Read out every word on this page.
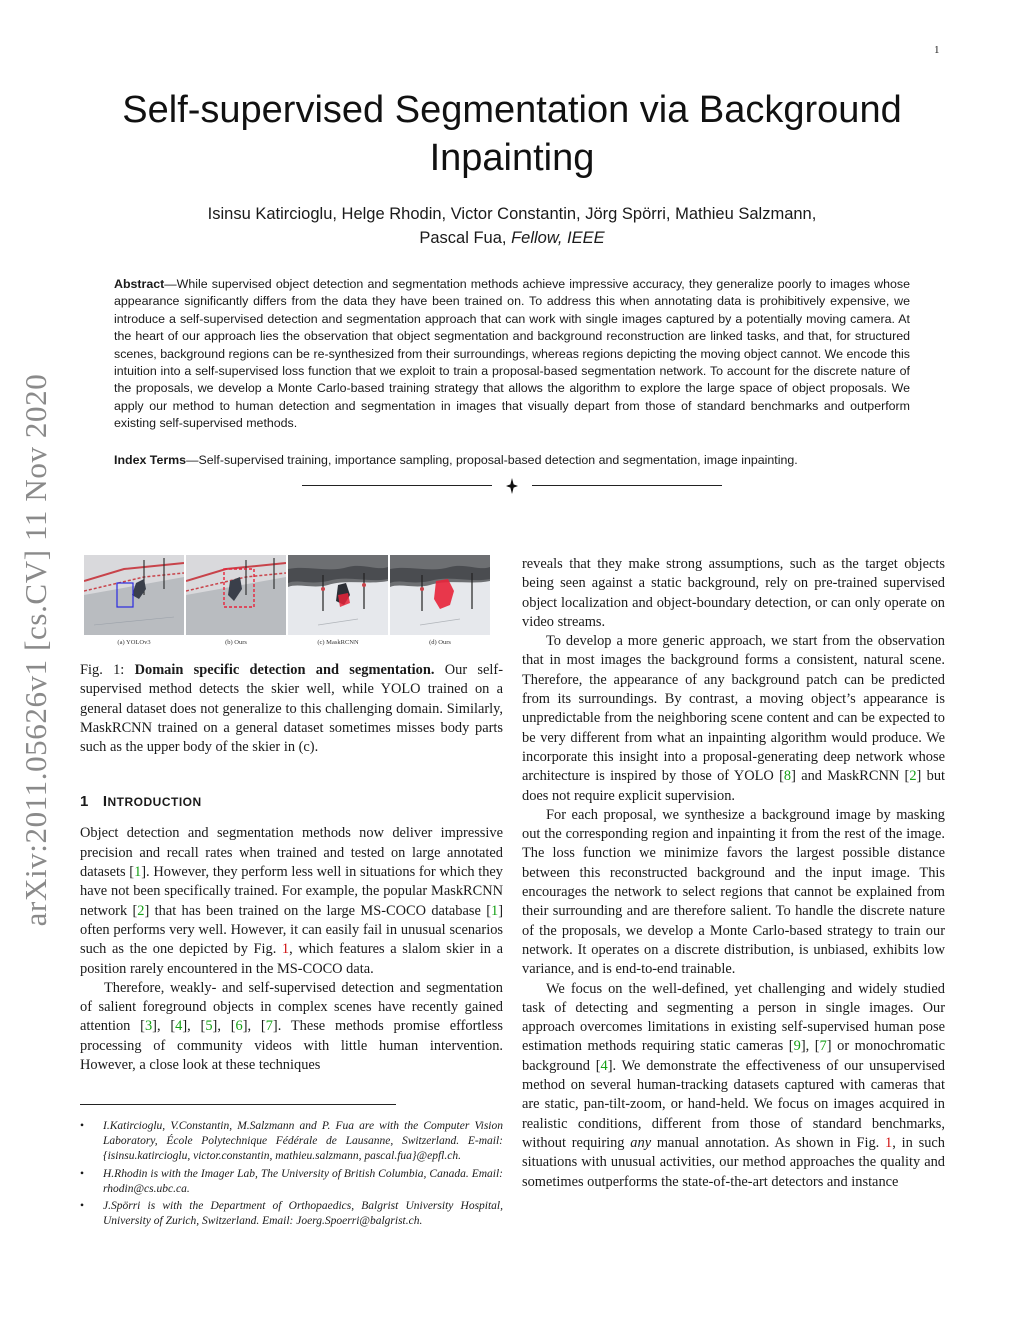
1
arXiv:2011.05626v1 [cs.CV] 11 Nov 2020
Self-supervised Segmentation via Background
Inpainting
Isinsu Katircioglu, Helge Rhodin, Victor Constantin, Jörg Spörri, Mathieu Salzmann,
Pascal Fua, Fellow, IEEE
Abstract—While supervised object detection and segmentation methods achieve impressive accuracy, they generalize poorly to images whose appearance significantly differs from the data they have been trained on. To address this when annotating data is prohibitively expensive, we introduce a self-supervised detection and segmentation approach that can work with single images captured by a potentially moving camera. At the heart of our approach lies the observation that object segmentation and background reconstruction are linked tasks, and that, for structured scenes, background regions can be re-synthesized from their surroundings, whereas regions depicting the moving object cannot. We encode this intuition into a self-supervised loss function that we exploit to train a proposal-based segmentation network. To account for the discrete nature of the proposals, we develop a Monte Carlo-based training strategy that allows the algorithm to explore the large space of object proposals. We apply our method to human detection and segmentation in images that visually depart from those of standard benchmarks and outperform existing self-supervised methods.
Index Terms—Self-supervised training, importance sampling, proposal-based detection and segmentation, image inpainting.
(a) YOLOv3	(b) Ours	(c) MaskRCNN	(d) Ours

Fig. 1: Domain specific detection and segmentation. Our self-supervised method detects the skier well, while YOLO trained on a general dataset does not generalize to this challenging domain. Similarly, MaskRCNN trained on a general dataset sometimes misses body parts such as the upper body of the skier in (c).

1 INTRODUCTION

Object detection and segmentation methods now deliver impressive precision and recall rates when trained and tested on large annotated datasets [1]. However, they perform less well in situations for which they have not been specifically trained. For example, the popular MaskRCNN network [2] that has been trained on the large MS-COCO database [1] often performs very well. However, it can easily fail in unusual scenarios such as the one depicted by Fig. 1, which features a slalom skier in a position rarely encountered in the MS-COCO data.

Therefore, weakly- and self-supervised detection and segmentation of salient foreground objects in complex scenes have recently gained attention [3], [4], [5], [6], [7]. These methods promise effortless processing of community videos with little human intervention. However, a close look at these techniques

• I.Katircioglu, V.Constantin, M.Salzmann and P. Fua are with the Computer Vision Laboratory, École Polytechnique Fédérale de Lausanne, Switzerland. E-mail: {isinsu.katircioglu, victor.constantin, mathieu.salzmann, pascal.fua}@epfl.ch.
• H.Rhodin is with the Imager Lab, The University of British Columbia, Canada. Email: rhodin@cs.ubc.ca.
• J.Spörri is with the Department of Orthopaedics, Balgrist University Hospital, University of Zurich, Switzerland. Email: Joerg.Spoerri@balgrist.ch.

reveals that they make strong assumptions, such as the target objects being seen against a static background, rely on pre-trained supervised object localization and object-boundary detection, or can only operate on video streams.

To develop a more generic approach, we start from the observation that in most images the background forms a consistent, natural scene. Therefore, the appearance of any background patch can be predicted from its surroundings. By contrast, a moving object’s appearance is unpredictable from the neighboring scene content and can be expected to be very different from what an inpainting algorithm would produce. We incorporate this insight into a proposal-generating deep network whose architecture is inspired by those of YOLO [8] and MaskRCNN [2] but does not require explicit supervision.

For each proposal, we synthesize a background image by masking out the corresponding region and inpainting it from the rest of the image. The loss function we minimize favors the largest possible distance between this reconstructed background and the input image. This encourages the network to select regions that cannot be explained from their surrounding and are therefore salient. To handle the discrete nature of the proposals, we develop a Monte Carlo-based strategy to train our network. It operates on a discrete distribution, is unbiased, exhibits low variance, and is end-to-end trainable.

We focus on the well-defined, yet challenging and widely studied task of detecting and segmenting a person in single images. Our approach overcomes limitations in existing self-supervised human pose estimation methods requiring static cameras [9], [7] or monochromatic background [4]. We demonstrate the effectiveness of our unsupervised method on several human-tracking datasets captured with cameras that are static, pan-tilt-zoom, or hand-held. We focus on images acquired in realistic conditions, different from those of standard benchmarks, without requiring any manual annotation. As shown in Fig. 1, in such situations with unusual activities, our method approaches the quality and sometimes outperforms the state-of-the-art detectors and instance
